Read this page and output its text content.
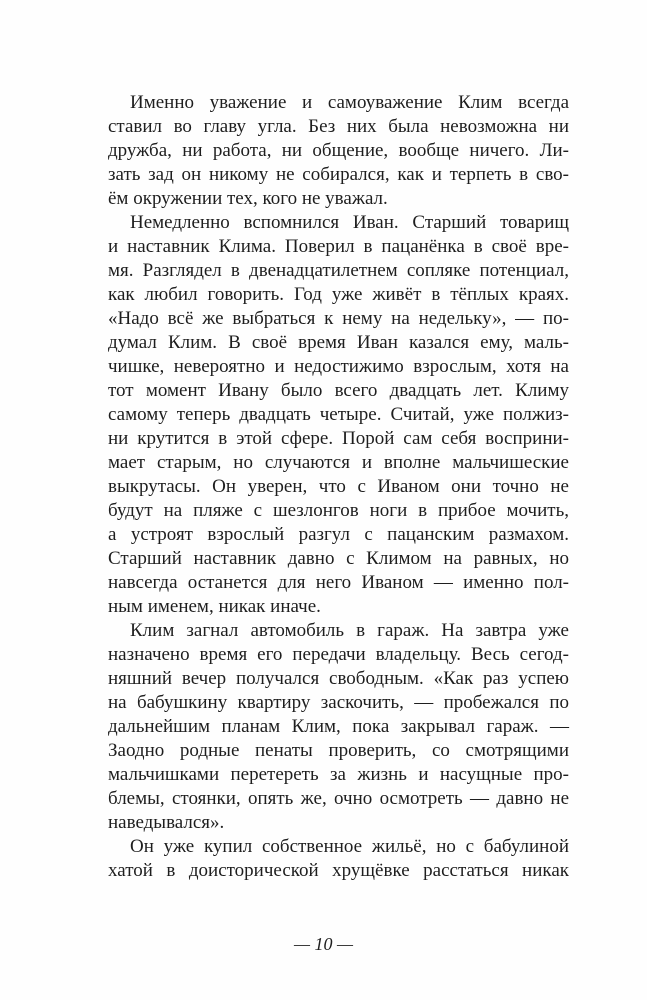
Именно уважение и самоуважение Клим всегда
ставил во главу угла. Без них была невозможна ни
дружба, ни работа, ни общение, вообще ничего. Ли-
зать зад он никому не собирался, как и терпеть в сво-
ём окружении тех, кого не уважал.
Немедленно вспомнился Иван. Старший товарищ
и наставник Клима. Поверил в пацанёнка в своё вре-
мя. Разглядел в двенадцатилетнем сопляке потенциал,
как любил говорить. Год уже живёт в тёплых краях.
«Надо всё же выбраться к нему на недельку», — по-
думал Клим. В своё время Иван казался ему, маль-
чишке, невероятно и недостижимо взрослым, хотя на
тот момент Ивану было всего двадцать лет. Климу
самому теперь двадцать четыре. Считай, уже полжиз-
ни крутится в этой сфере. Порой сам себя восприни-
мает старым, но случаются и вполне мальчишеские
выкрутасы. Он уверен, что с Иваном они точно не
будут на пляже с шезлонгов ноги в прибое мочить,
а устроят взрослый разгул с пацанским размахом.
Старший наставник давно с Климом на равных, но
навсегда останется для него Иваном — именно пол-
ным именем, никак иначе.
Клим загнал автомобиль в гараж. На завтра уже
назначено время его передачи владельцу. Весь сегод-
няшний вечер получался свободным. «Как раз успею
на бабушкину квартиру заскочить, — пробежался по
дальнейшим планам Клим, пока закрывал гараж. —
Заодно родные пенаты проверить, со смотрящими
мальчишками перетереть за жизнь и насущные про-
блемы, стоянки, опять же, очно осмотреть — давно не
наведывался».
Он уже купил собственное жильё, но с бабулиной
хатой в доисторической хрущёвке расстаться никак
— 10 —
